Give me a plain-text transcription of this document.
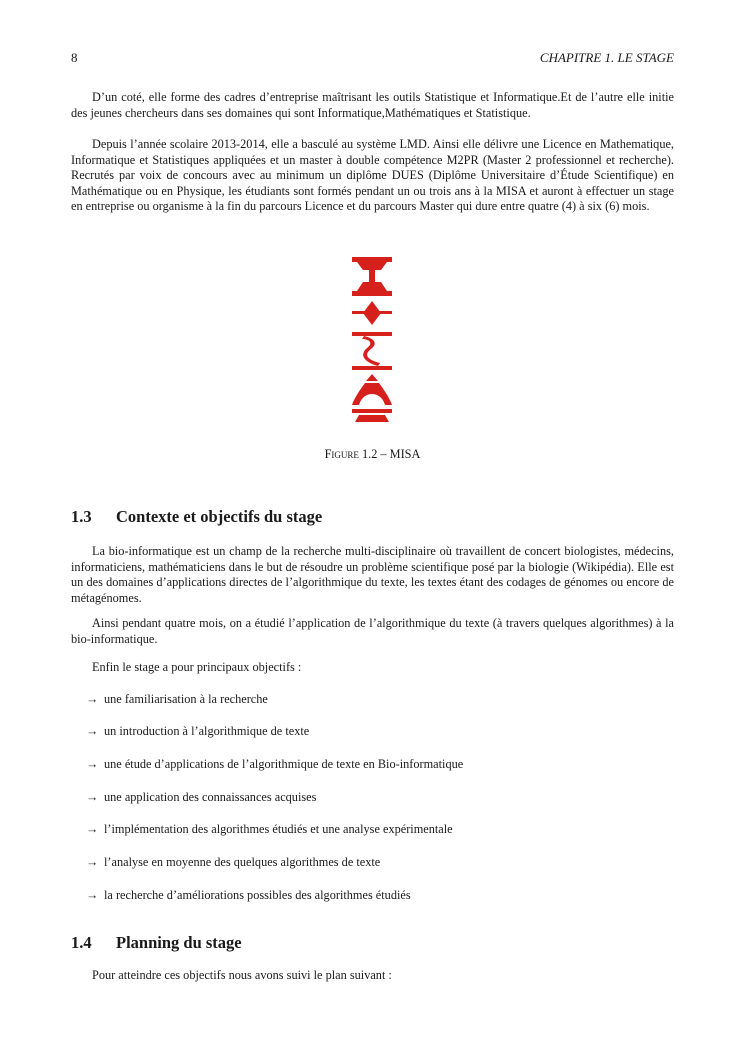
8	CHAPITRE 1. LE STAGE

D’un coté, elle forme des cadres d’entreprise maîtrisant les outils Statistique et Informatique.Et de l’autre elle initie des jeunes chercheurs dans ses domaines qui sont Informatique,Mathématiques et Statistique.

Depuis l’année scolaire 2013-2014, elle a basculé au système LMD. Ainsi elle délivre une Licence en Mathematique, Informatique et Statistiques appliquées et un master à double compétence M2PR (Master 2 professionnel et recherche). Recrutés par voix de concours avec au minimum un diplôme DUES (Diplôme Universitaire d’Étude Scientifique) en Mathématique ou en Physique, les étudiants sont formés pendant un ou trois ans à la MISA et auront à effectuer un stage en entreprise ou organisme à la fin du parcours Licence et du parcours Master qui dure entre quatre (4) à six (6) mois.

Figure 1.2 – MISA
1.3 Contexte et objectifs du stage

La bio-informatique est un champ de la recherche multi-disciplinaire où travaillent de concert biologistes, médecins, informaticiens, mathématiciens dans le but de résoudre un problème scientifique posé par la biologie (Wikipédia). Elle est un des domaines d’applications directes de l’algorithmique du texte, les textes étant des codages de génomes ou encore de métagénomes.

Ainsi pendant quatre mois, on a étudié l’application de l’algorithmique du texte (à travers quelques algorithmes) à la bio-informatique.

Enfin le stage a pour principaux objectifs :

→ une familiarisation à la recherche
→ un introduction à l’algorithmique de texte
→ une étude d’applications de l’algorithmique de texte en Bio-informatique
→ une application des connaissances acquises
→ l’implémentation des algorithmes étudiés et une analyse expérimentale
→ l’analyse en moyenne des quelques algorithmes de texte
→ la recherche d’améliorations possibles des algorithmes étudiés
1.4 Planning du stage

Pour atteindre ces objectifs nous avons suivi le plan suivant :
